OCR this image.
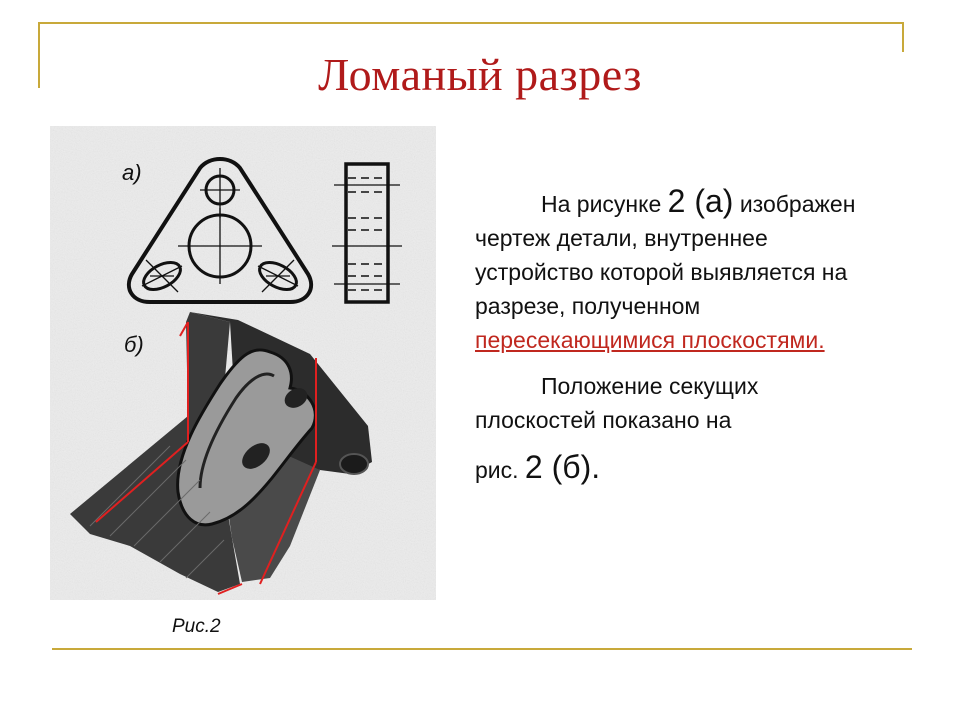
Ломаный разрез
а)
б)
Рис.2

На рисунке 2 (а) изображен чертеж детали, внутреннее устройство которой выявляется на разрезе, полученном пересекающимися плоскостями.

Положение секущих плоскостей показано на

рис. 2 (б).
